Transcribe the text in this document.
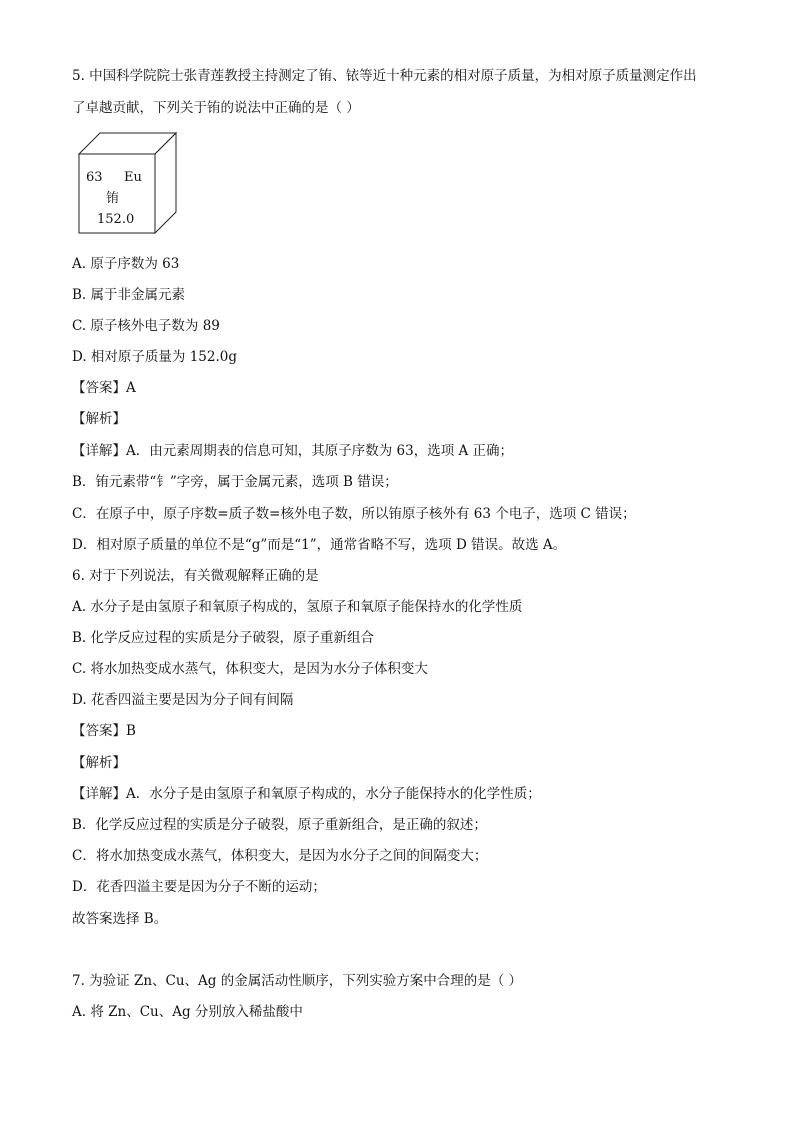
5. 中国科学院院士张青莲教授主持测定了铕、铱等近十种元素的相对原子质量，为相对原子质量测定作出
了卓越贡献，下列关于铕的说法中正确的是（ ）
63 Eu
铕
152.0
A. 原子序数为 63
B. 属于非金属元素
C. 原子核外电子数为 89
D. 相对原子质量为 152.0g
【答案】A
【解析】
【详解】A．由元素周期表的信息可知，其原子序数为 63，选项 A 正确；
B．铕元素带“钅”字旁，属于金属元素，选项 B 错误；
C．在原子中，原子序数=质子数=核外电子数，所以铕原子核外有 63 个电子，选项 C 错误；
D．相对原子质量的单位不是“g”而是“1”，通常省略不写，选项 D 错误。故选 A。
6. 对于下列说法，有关微观解释正确的是
A. 水分子是由氢原子和氧原子构成的，氢原子和氧原子能保持水的化学性质
B. 化学反应过程的实质是分子破裂，原子重新组合
C. 将水加热变成水蒸气，体积变大，是因为水分子体积变大
D. 花香四溢主要是因为分子间有间隔
【答案】B
【解析】
【详解】A．水分子是由氢原子和氧原子构成的，水分子能保持水的化学性质；
B．化学反应过程的实质是分子破裂，原子重新组合，是正确的叙述；
C．将水加热变成水蒸气，体积变大，是因为水分子之间的间隔变大；
D．花香四溢主要是因为分子不断的运动；
故答案选择 B。
7. 为验证 Zn、Cu、Ag 的金属活动性顺序，下列实验方案中合理的是（ ）
A. 将 Zn、Cu、Ag 分别放入稀盐酸中
